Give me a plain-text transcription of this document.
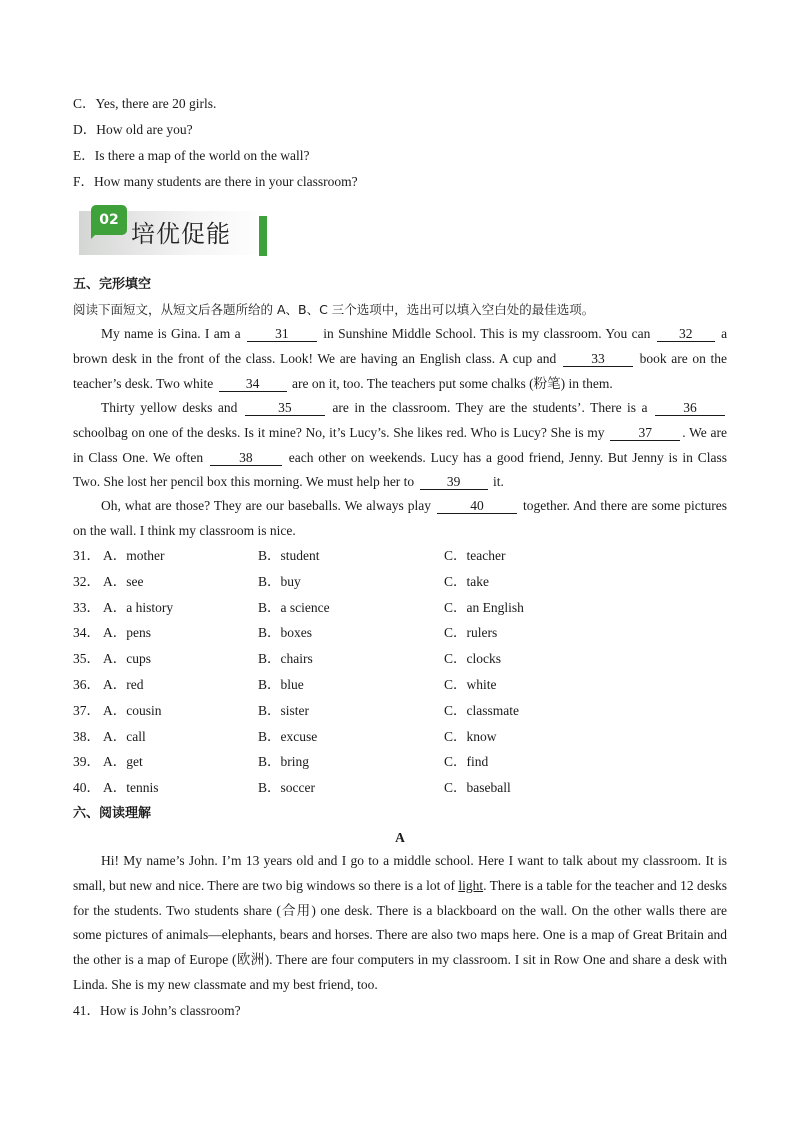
C．Yes, there are 20 girls.
D．How old are you?
E．Is there a map of the world on the wall?
F．How many students are there in your classroom?
02 培优促能
五、完形填空
阅读下面短文，从短文后各题所给的 A、B、C 三个选项中，选出可以填入空白处的最佳选项。
My name is Gina. I am a	31	in Sunshine Middle School. This is my classroom. You can 32 a brown desk in the front of the class. Look! We are having an English class. A cup and	33	book are on the teacher’s desk. Two white 34 are on it, too. The teachers put some chalks (粉笔) in them.
Thirty yellow desks and	35	are in the classroom. They are the students’. There is a	36 schoolbag on one of the desks. Is it mine? No, it’s Lucy’s. She likes red. Who is Lucy? She is my	37 . We are in Class One. We often	38	each other on weekends. Lucy has a good friend, Jenny. But Jenny is in Class Two. She lost her pencil box this morning. We must help her to 39 it.
Oh, what are those? They are our baseballs. We always play	40	together. And there are some pictures on the wall. I think my classroom is nice.
31． A．mother	B．student	C．teacher
32． A．see	B．buy	C．take
33． A．a history	B．a science	C．an English
34． A．pens	B．boxes	C．rulers
35． A．cups	B．chairs	C．clocks
36． A．red	B．blue	C．white
37． A．cousin	B．sister	C．classmate
38． A．call	B．excuse	C．know
39． A．get	B．bring	C．find
40． A．tennis	B．soccer	C．baseball
六、阅读理解
A
Hi! My name’s John. I’m 13 years old and I go to a middle school. Here I want to talk about my classroom. It is small, but new and nice. There are two big windows so there is a lot of light. There is a table for the teacher and 12 desks for the students. Two students share (合用) one desk. There is a blackboard on the wall. On the other walls there are some pictures of animals—elephants, bears and horses. There are also two maps here. One is a map of Great Britain and the other is a map of Europe (欧洲). There are four computers in my classroom. I sit in Row One and share a desk with Linda. She is my new classmate and my best friend, too.
41．How is John’s classroom?
